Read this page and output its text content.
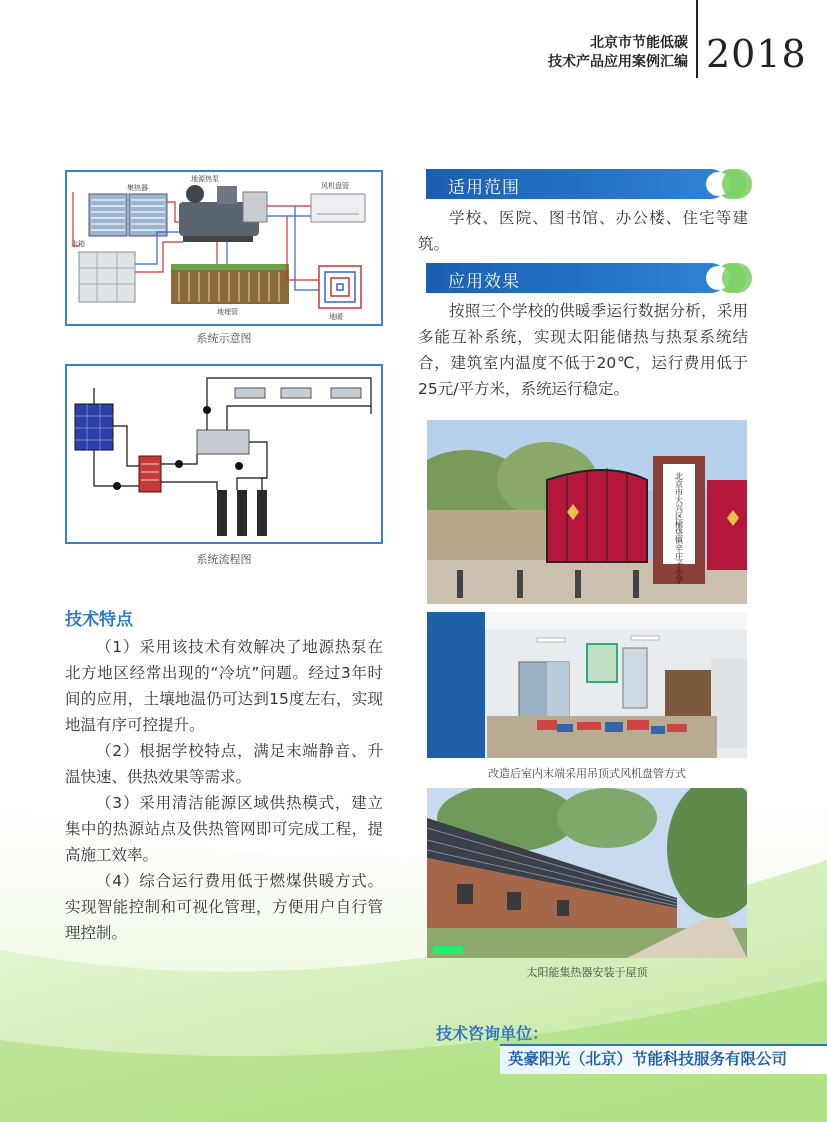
北京市节能低碳
技术产品应用案例汇编 2018
集热器
水箱
地源热泵
风机盘管
地埋管
地暖
系统示意图
系统流程图
适用范围
学校、医院、图书馆、办公楼、住宅等建筑。
应用效果
按照三个学校的供暖季运行数据分析，采用多能互补系统，实现太阳能储热与热泵系统结合，建筑室内温度不低于20℃，运行费用低于25元/平方米，系统运行稳定。
北京市大兴区榆垡镇辛庄子小学
改造后室内末端采用吊顶式风机盘管方式
太阳能集热器安装于屋顶
技术特点
（1）采用该技术有效解决了地源热泵在北方地区经常出现的“冷坑”问题。经过3年时间的应用，土壤地温仍可达到15度左右，实现地温有序可控提升。
（2）根据学校特点，满足末端静音、升温快速、供热效果等需求。
（3）采用清洁能源区域供热模式，建立集中的热源站点及供热管网即可完成工程，提高施工效率。
（4）综合运行费用低于燃煤供暖方式。实现智能控制和可视化管理，方便用户自行管理控制。
技术咨询单位：
英豪阳光（北京）节能科技服务有限公司
